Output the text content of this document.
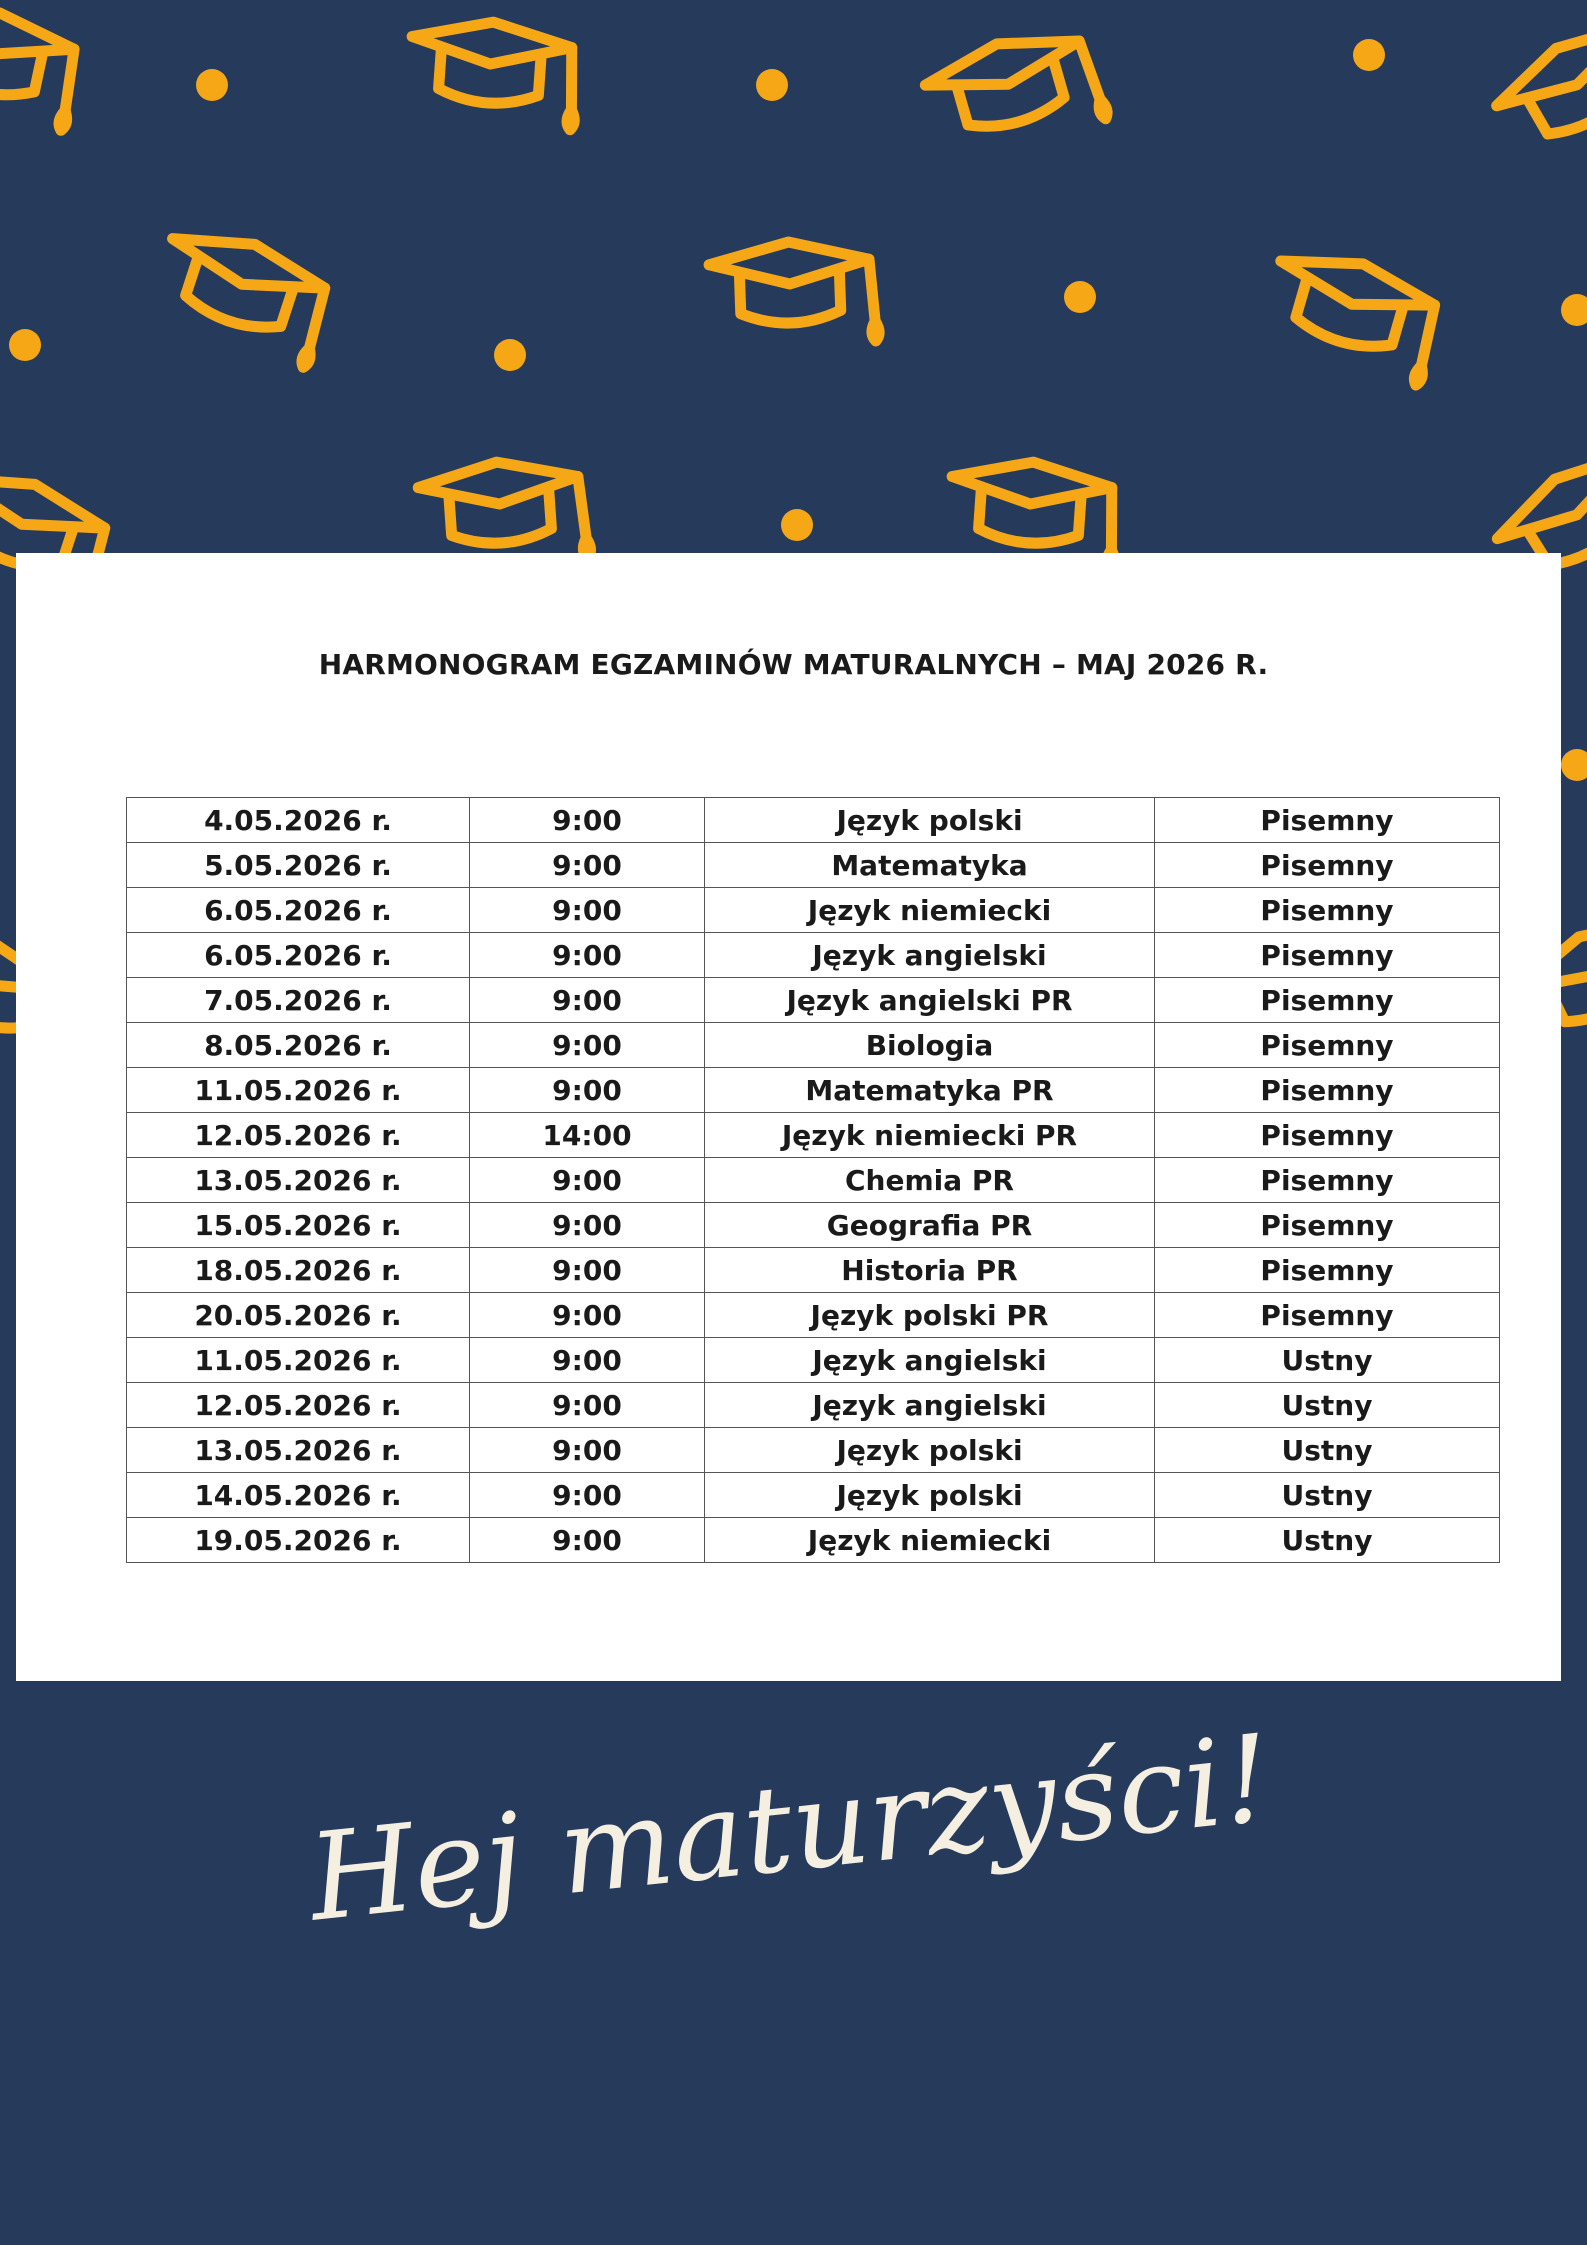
HARMONOGRAM EGZAMINÓW MATURALNYCH – MAJ 2026 R.
4.05.2026 r.	9:00	Język polski	Pisemny
5.05.2026 r.	9:00	Matematyka	Pisemny
6.05.2026 r.	9:00	Język niemiecki	Pisemny
6.05.2026 r.	9:00	Język angielski	Pisemny
7.05.2026 r.	9:00	Język angielski PR	Pisemny
8.05.2026 r.	9:00	Biologia	Pisemny
11.05.2026 r.	9:00	Matematyka PR	Pisemny
12.05.2026 r.	14:00	Język niemiecki PR	Pisemny
13.05.2026 r.	9:00	Chemia PR	Pisemny
15.05.2026 r.	9:00	Geografia PR	Pisemny
18.05.2026 r.	9:00	Historia PR	Pisemny
20.05.2026 r.	9:00	Język polski PR	Pisemny
11.05.2026 r.	9:00	Język angielski	Ustny
12.05.2026 r.	9:00	Język angielski	Ustny
13.05.2026 r.	9:00	Język polski	Ustny
14.05.2026 r.	9:00	Język polski	Ustny
19.05.2026 r.	9:00	Język niemiecki	Ustny
Hej maturzyści!
